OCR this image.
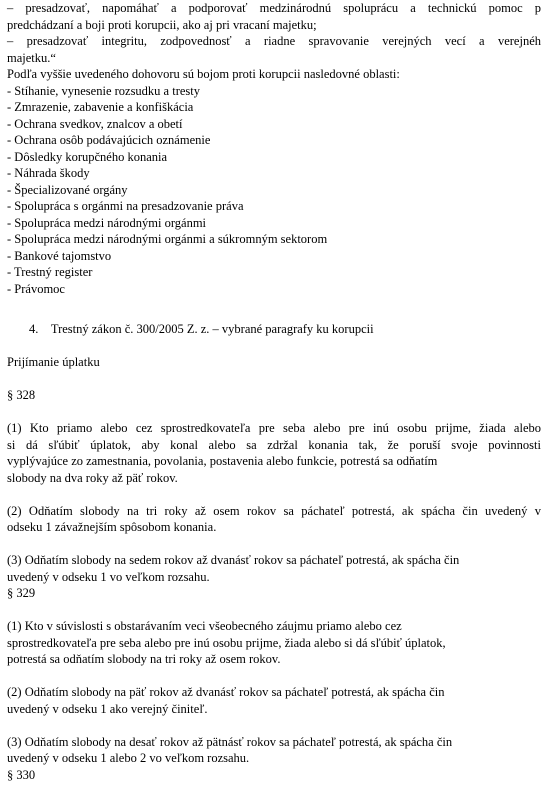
– presadzovať, napomáhať a podporovať medzinárodnú spoluprácu a technickú pomoc p
predchádzaní a boji proti korupcii, ako aj pri vracaní majetku;
– presadzovať integritu, zodpovednosť a riadne spravovanie verejných vecí a verejnéh
majetku.“
Podľa vyššie uvedeného dohovoru sú bojom proti korupcii nasledovné oblasti:
- Stíhanie, vynesenie rozsudku a tresty
- Zmrazenie, zabavenie a konfiškácia
- Ochrana svedkov, znalcov a obetí
- Ochrana osôb podávajúcich oznámenie
- Dôsledky korupčného konania
- Náhrada škody
- Špecializované orgány
- Spolupráca s orgánmi na presadzovanie práva
- Spolupráca medzi národnými orgánmi
- Spolupráca medzi národnými orgánmi a súkromným sektorom
- Bankové tajomstvo
- Trestný register
- Právomoc
4. Trestný zákon č. 300/2005 Z. z. – vybrané paragrafy ku korupcii
Prijímanie úplatku
§ 328
(1) Kto priamo alebo cez sprostredkovateľa pre seba alebo pre inú osobu prijme, žiada alebo
si dá sľúbiť úplatok, aby konal alebo sa zdržal konania tak, že poruší svoje povinnosti
vyplývajúce zo zamestnania, povolania, postavenia alebo funkcie, potrestá sa odňatím
slobody na dva roky až päť rokov.
(2) Odňatím slobody na tri roky až osem rokov sa páchateľ potrestá, ak spácha čin uvedený v
odseku 1 závažnejším spôsobom konania.
(3) Odňatím slobody na sedem rokov až dvanásť rokov sa páchateľ potrestá, ak spácha čin
uvedený v odseku 1 vo veľkom rozsahu.
§ 329
(1) Kto v súvislosti s obstarávaním veci všeobecného záujmu priamo alebo cez
sprostredkovateľa pre seba alebo pre inú osobu prijme, žiada alebo si dá sľúbiť úplatok,
potrestá sa odňatím slobody na tri roky až osem rokov.
(2) Odňatím slobody na päť rokov až dvanásť rokov sa páchateľ potrestá, ak spácha čin
uvedený v odseku 1 ako verejný činiteľ.
(3) Odňatím slobody na desať rokov až pätnásť rokov sa páchateľ potrestá, ak spácha čin
uvedený v odseku 1 alebo 2 vo veľkom rozsahu.
§ 330
